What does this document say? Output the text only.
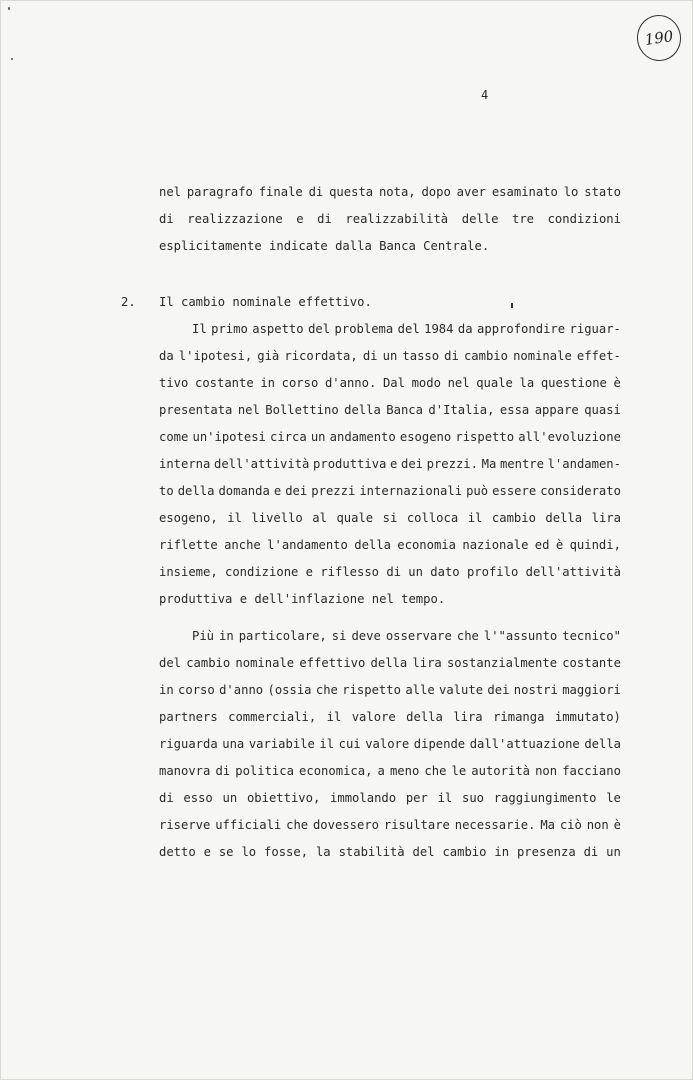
190
4
nel paragrafo finale di questa nota, dopo aver esaminato lo stato
di realizzazione e di realizzabilità delle tre condizioni
esplicitamente indicate dalla Banca Centrale.
2. Il cambio nominale effettivo.
Il primo aspetto del problema del 1984 da approfondire riguar-
da l'ipotesi, già ricordata, di un tasso di cambio nominale effet-
tivo costante in corso d'anno. Dal modo nel quale la questione è
presentata nel Bollettino della Banca d'Italia, essa appare quasi
come un'ipotesi circa un andamento esogeno rispetto all'evoluzione
interna dell'attività produttiva e dei prezzi. Ma mentre l'andamen-
to della domanda e dei prezzi internazionali può essere considerato
esogeno, il livello al quale si colloca il cambio della lira
riflette anche l'andamento della economia nazionale ed è quindi,
insieme, condizione e riflesso di un dato profilo dell'attività
produttiva e dell'inflazione nel tempo.
Più in particolare, si deve osservare che l'"assunto tecnico"
del cambio nominale effettivo della lira sostanzialmente costante
in corso d'anno (ossia che rispetto alle valute dei nostri maggiori
partners commerciali, il valore della lira rimanga immutato)
riguarda una variabile il cui valore dipende dall'attuazione della
manovra di politica economica, a meno che le autorità non facciano
di esso un obiettivo, immolando per il suo raggiungimento le
riserve ufficiali che dovessero risultare necessarie. Ma ciò non è
detto e se lo fosse, la stabilità del cambio in presenza di un
